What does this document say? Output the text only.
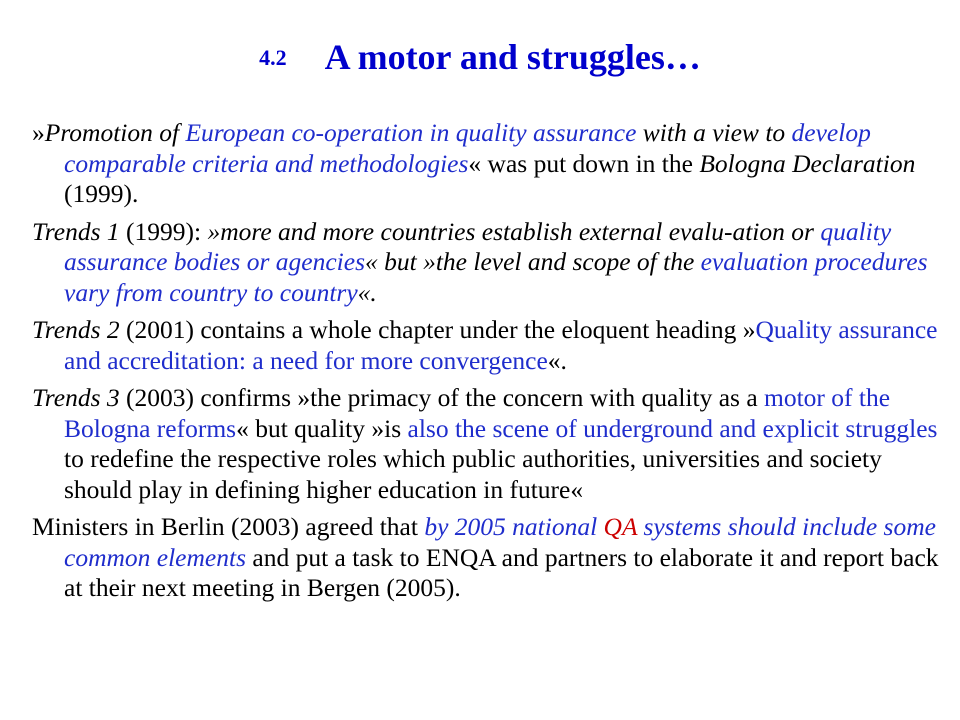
4.2 A motor and struggles…

»Promotion of European co-operation in quality assurance with a view to develop comparable criteria and methodologies« was put down in the Bologna Declaration (1999).

Trends 1 (1999): »more and more countries establish external evalu-ation or quality assurance bodies or agencies« but »the level and scope of the evaluation procedures vary from country to country«.

Trends 2 (2001) contains a whole chapter under the eloquent heading »Quality assurance and accreditation: a need for more convergence«.

Trends 3 (2003) confirms »the primacy of the concern with quality as a motor of the Bologna reforms« but quality »is also the scene of underground and explicit struggles to redefine the respective roles which public authorities, universities and society should play in defining higher education in future«

Ministers in Berlin (2003) agreed that by 2005 national QA systems should include some common elements and put a task to ENQA and partners to elaborate it and report back at their next meeting in Bergen (2005).
